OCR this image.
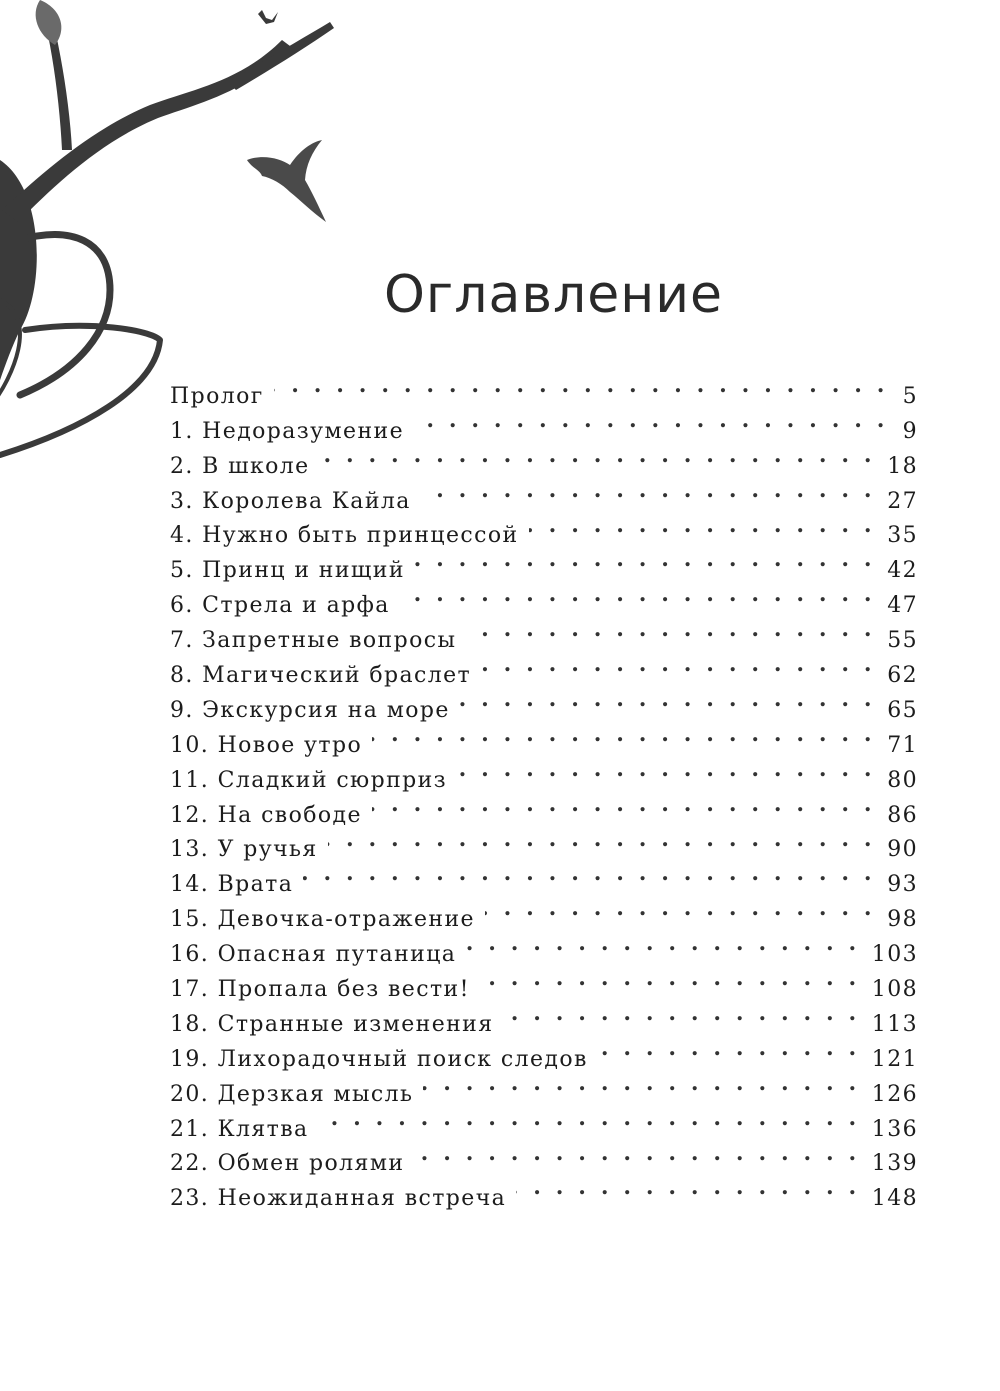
Оглавление
Пролог . . .	5
1. Недоразумение . . .	9
2. В школе . . .	18
3. Королева Кайла . . .	27
4. Нужно быть принцессой . . .	35
5. Принц и нищий . . .	42
6. Стрела и арфа . . .	47
7. Запретные вопросы . . .	55
8. Магический браслет . . .	62
9. Экскурсия на море . . .	65
10. Новое утро . . .	71
11. Сладкий сюрприз . . .	80
12. На свободе . . .	86
13. У ручья . . .	90
14. Врата . . .	93
15. Девочка-отражение . . .	98
16. Опасная путаница . . .	103
17. Пропала без вести! . . .	108
18. Странные изменения . . .	113
19. Лихорадочный поиск следов . . .	121
20. Дерзкая мысль . . .	126
21. Клятва . . .	136
22. Обмен ролями . . .	139
23. Неожиданная встреча . . .	148
